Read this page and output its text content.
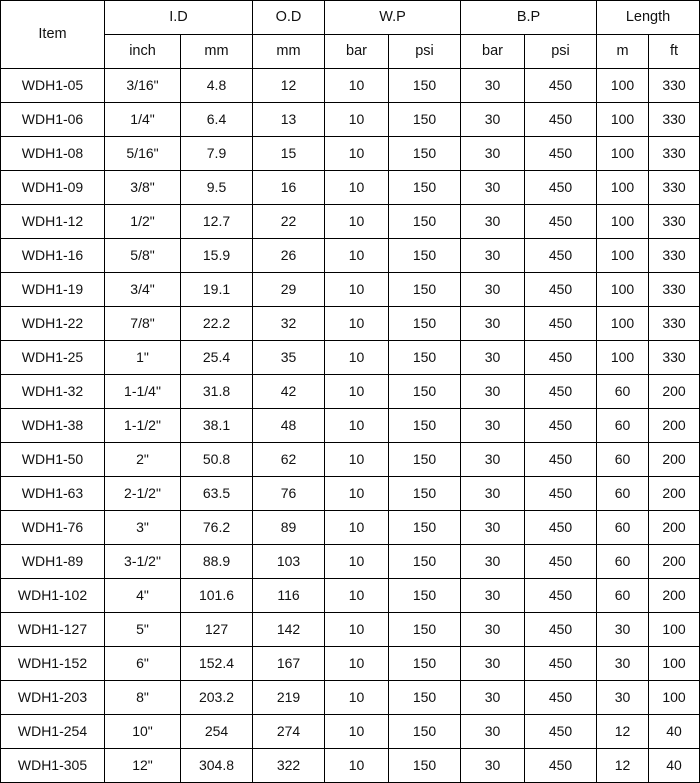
Item	I.D		O.D	W.P		B.P		Length	
	inch	mm	mm	bar	psi	bar	psi	m	ft
WDH1-05	3/16"	4.8	12	10	150	30	450	100	330
WDH1-06	1/4"	6.4	13	10	150	30	450	100	330
WDH1-08	5/16"	7.9	15	10	150	30	450	100	330
WDH1-09	3/8"	9.5	16	10	150	30	450	100	330
WDH1-12	1/2"	12.7	22	10	150	30	450	100	330
WDH1-16	5/8"	15.9	26	10	150	30	450	100	330
WDH1-19	3/4"	19.1	29	10	150	30	450	100	330
WDH1-22	7/8"	22.2	32	10	150	30	450	100	330
WDH1-25	1"	25.4	35	10	150	30	450	100	330
WDH1-32	1-1/4"	31.8	42	10	150	30	450	60	200
WDH1-38	1-1/2"	38.1	48	10	150	30	450	60	200
WDH1-50	2"	50.8	62	10	150	30	450	60	200
WDH1-63	2-1/2"	63.5	76	10	150	30	450	60	200
WDH1-76	3"	76.2	89	10	150	30	450	60	200
WDH1-89	3-1/2"	88.9	103	10	150	30	450	60	200
WDH1-102	4"	101.6	116	10	150	30	450	60	200
WDH1-127	5"	127	142	10	150	30	450	30	100
WDH1-152	6"	152.4	167	10	150	30	450	30	100
WDH1-203	8"	203.2	219	10	150	30	450	30	100
WDH1-254	10"	254	274	10	150	30	450	12	40
WDH1-305	12"	304.8	322	10	150	30	450	12	40
